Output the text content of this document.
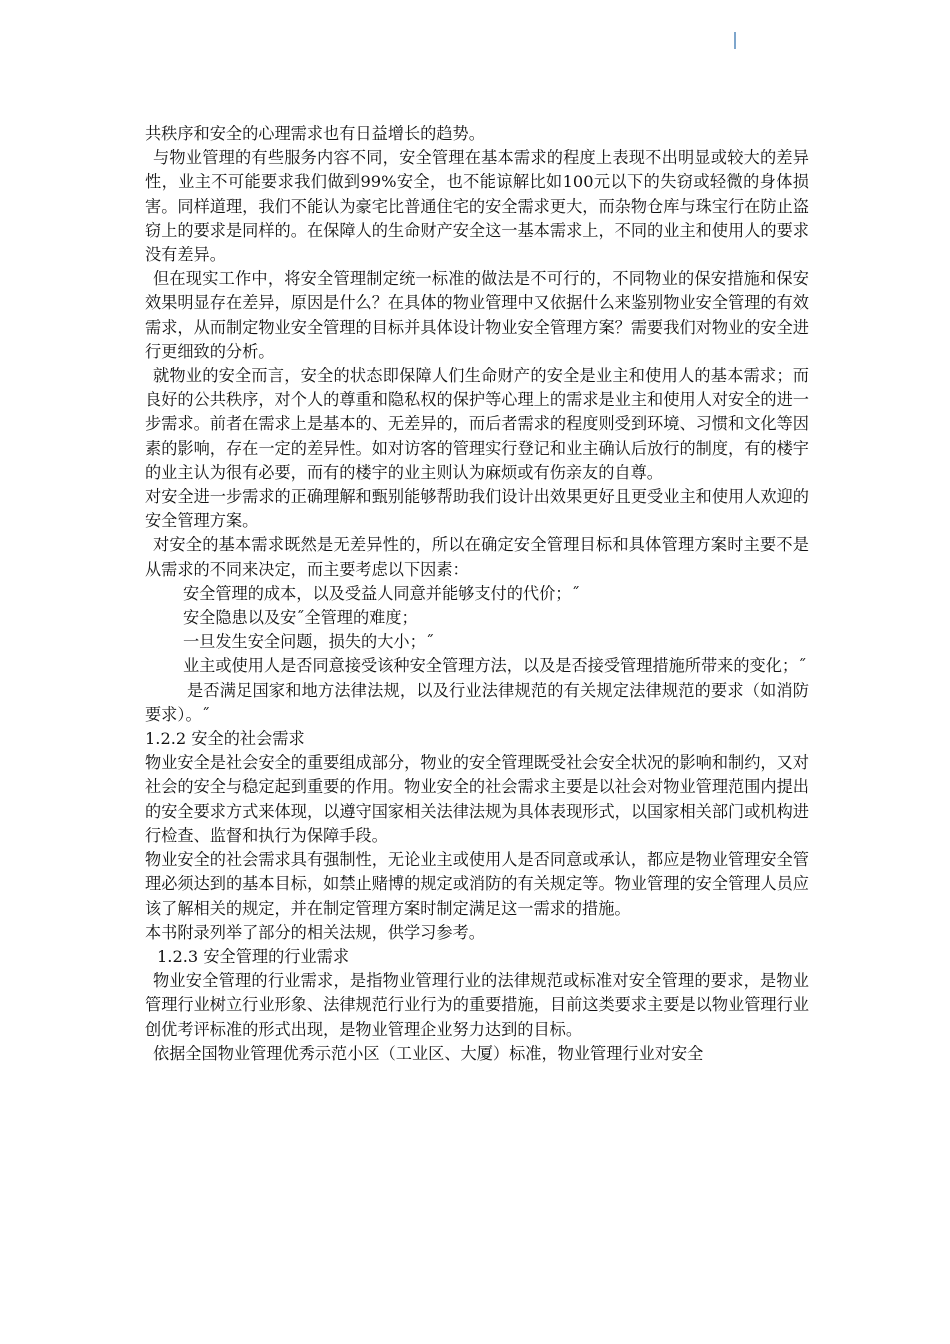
共秩序和安全的心理需求也有日益增长的趋势。

与物业管理的有些服务内容不同，安全管理在基本需求的程度上表现不出明显或较大的差异性，业主不可能要求我们做到99%安全，也不能谅解比如100元以下的失窃或轻微的身体损害。同样道理，我们不能认为豪宅比普通住宅的安全需求更大，而杂物仓库与珠宝行在防止盗窃上的要求是同样的。在保障人的生命财产安全这一基本需求上，不同的业主和使用人的要求没有差异。

但在现实工作中，将安全管理制定统一标准的做法是不可行的，不同物业的保安措施和保安效果明显存在差异，原因是什么？在具体的物业管理中又依据什么来鉴别物业安全管理的有效需求，从而制定物业安全管理的目标并具体设计物业安全管理方案？需要我们对物业的安全进行更细致的分析。

就物业的安全而言，安全的状态即保障人们生命财产的安全是业主和使用人的基本需求；而良好的公共秩序，对个人的尊重和隐私权的保护等心理上的需求是业主和使用人对安全的进一步需求。前者在需求上是基本的、无差异的，而后者需求的程度则受到环境、习惯和文化等因素的影响，存在一定的差异性。如对访客的管理实行登记和业主确认后放行的制度，有的楼宇的业主认为很有必要，而有的楼宇的业主则认为麻烦或有伤亲友的自尊。

对安全进一步需求的正确理解和甄别能够帮助我们设计出效果更好且更受业主和使用人欢迎的安全管理方案。

对安全的基本需求既然是无差异性的，所以在确定安全管理目标和具体管理方案时主要不是从需求的不同来决定，而主要考虑以下因素：

安全管理的成本，以及受益人同意并能够支付的代价；˝

安全隐患以及安˝全管理的难度；

一旦发生安全问题，损失的大小；˝

业主或使用人是否同意接受该种安全管理方法，以及是否接受管理措施所带来的变化；˝

是否满足国家和地方法律法规，以及行业法律规范的有关规定法律规范的要求（如消防要求）。˝

1.2.2 安全的社会需求

物业安全是社会安全的重要组成部分，物业的安全管理既受社会安全状况的影响和制约，又对社会的安全与稳定起到重要的作用。物业安全的社会需求主要是以社会对物业管理范围内提出的安全要求方式来体现，以遵守国家相关法律法规为具体表现形式，以国家相关部门或机构进行检查、监督和执行为保障手段。

物业安全的社会需求具有强制性，无论业主或使用人是否同意或承认，都应是物业管理安全管理必须达到的基本目标，如禁止赌博的规定或消防的有关规定等。物业管理的安全管理人员应该了解相关的规定，并在制定管理方案时制定满足这一需求的措施。

本书附录列举了部分的相关法规，供学习参考。

1.2.3 安全管理的行业需求

物业安全管理的行业需求，是指物业管理行业的法律规范或标准对安全管理的要求，是物业管理行业树立行业形象、法律规范行业行为的重要措施，目前这类要求主要是以物业管理行业创优考评标准的形式出现，是物业管理企业努力达到的目标。

依据全国物业管理优秀示范小区（工业区、大厦）标准，物业管理行业对安全
